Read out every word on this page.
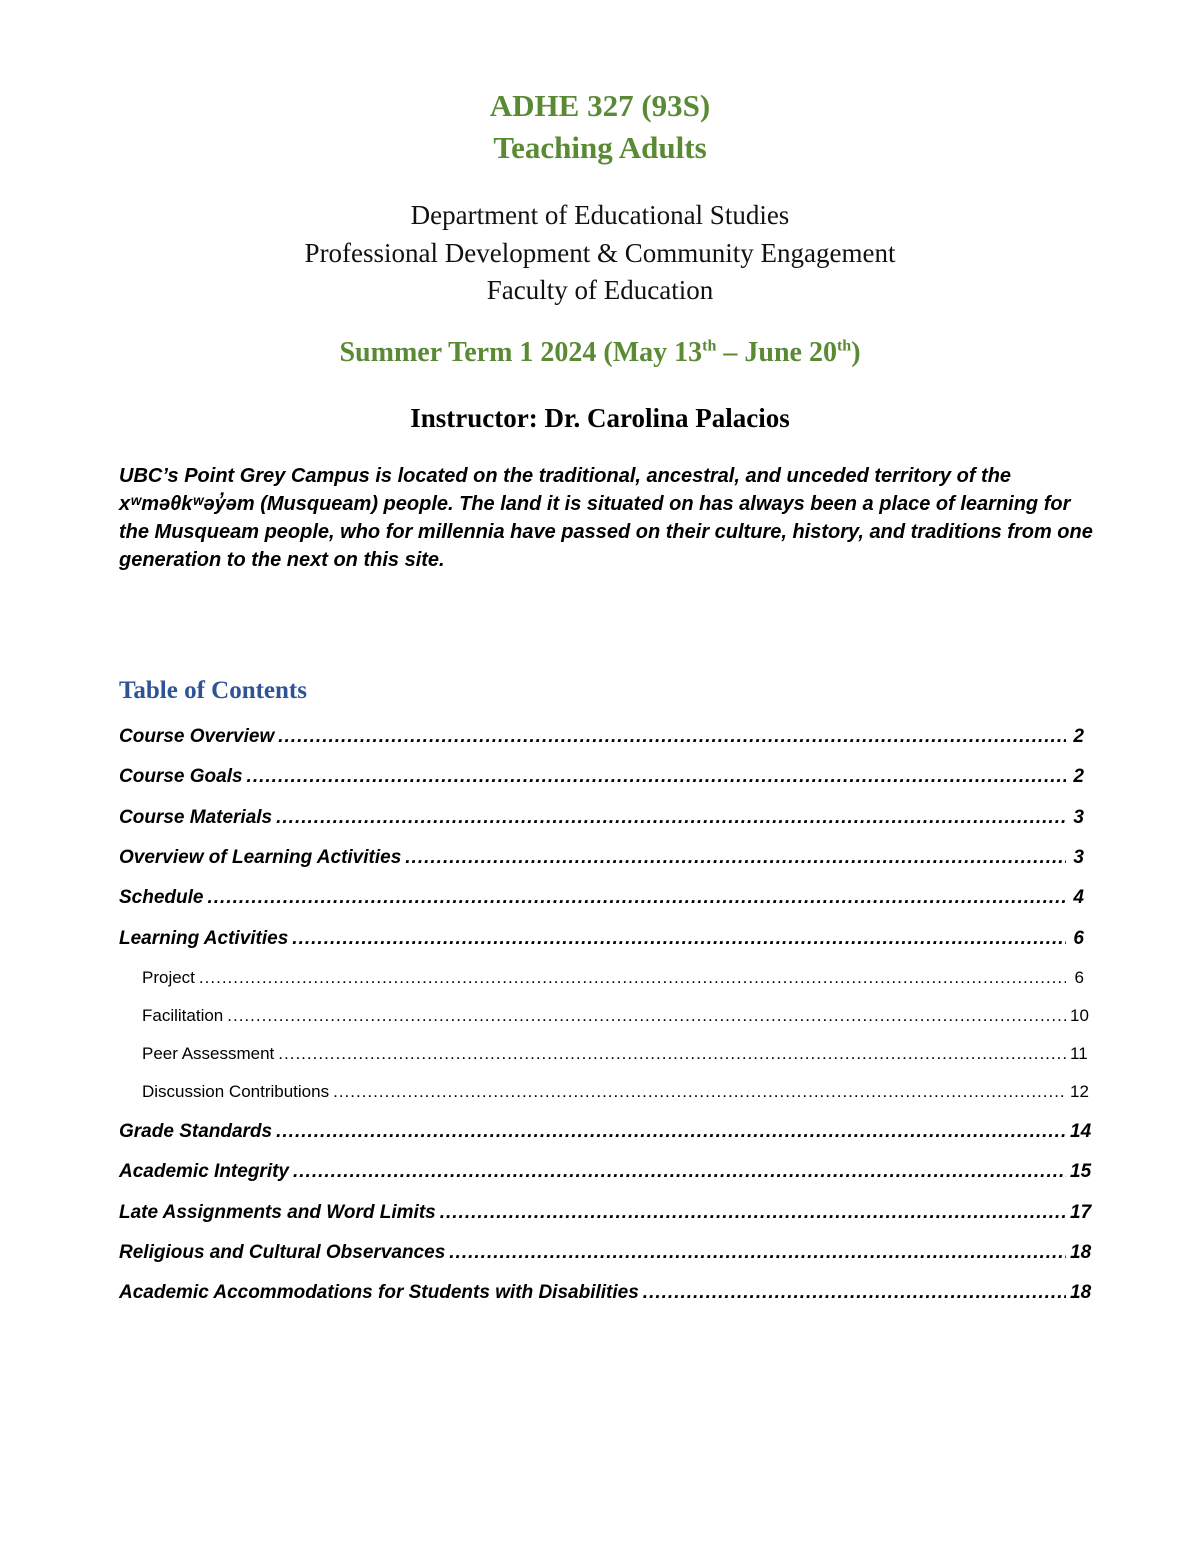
ADHE 327 (93S)
Teaching Adults
Department of Educational Studies
Professional Development & Community Engagement
Faculty of Education
Summer Term 1 2024 (May 13th – June 20th)
Instructor: Dr. Carolina Palacios
UBC’s Point Grey Campus is located on the traditional, ancestral, and unceded territory of the xʷməθkʷəy̓əm (Musqueam) people. The land it is situated on has always been a place of learning for the Musqueam people, who for millennia have passed on their culture, history, and traditions from one generation to the next on this site.
Table of Contents
Course Overview .....	2
Course Goals .....	2
Course Materials .....	3
Overview of Learning Activities .....	3
Schedule .....	4
Learning Activities .....	6
Project .....	6
Facilitation .....	10
Peer Assessment .....	11
Discussion Contributions .....	12
Grade Standards .....	14
Academic Integrity .....	15
Late Assignments and Word Limits .....	17
Religious and Cultural Observances .....	18
Academic Accommodations for Students with Disabilities .....	18
